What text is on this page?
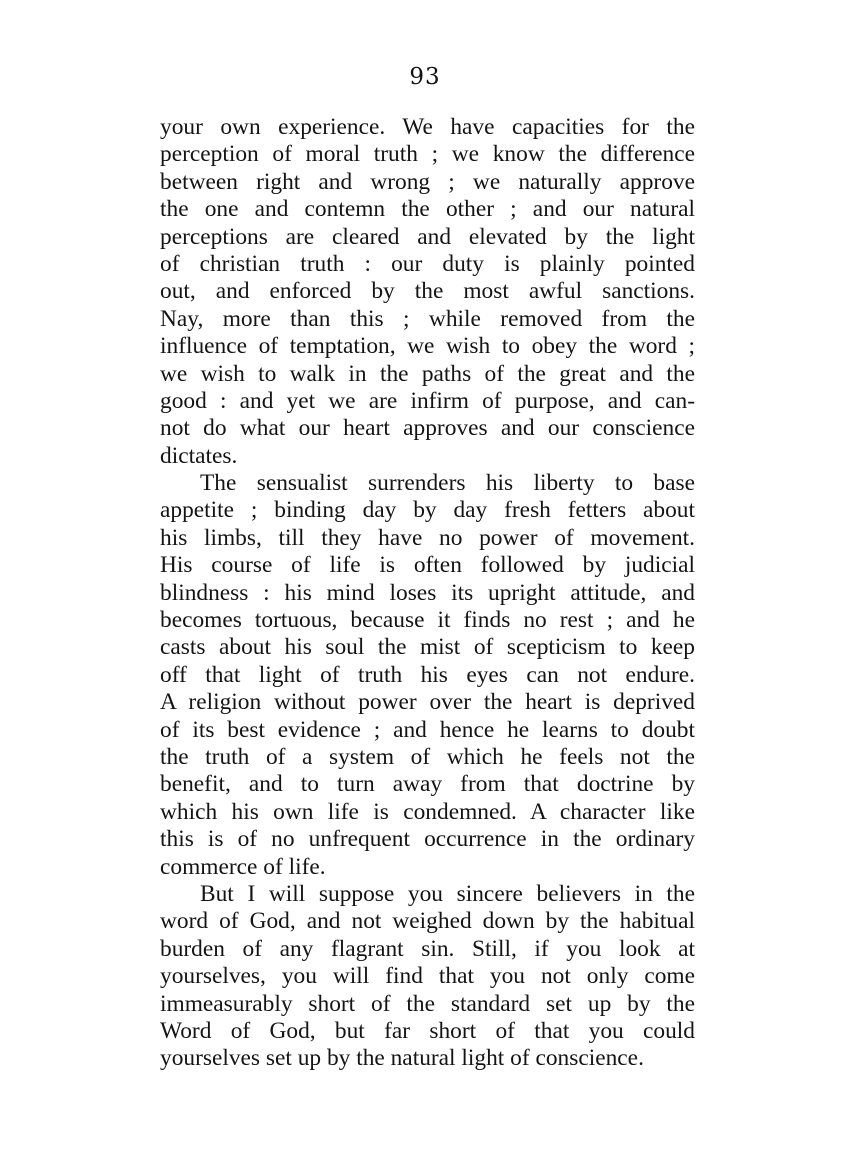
93
your own experience. We have capacities for the
perception of moral truth ; we know the difference
between right and wrong ; we naturally approve
the one and contemn the other ; and our natural
perceptions are cleared and elevated by the light
of christian truth : our duty is plainly pointed
out, and enforced by the most awful sanctions.
Nay, more than this ; while removed from the
influence of temptation, we wish to obey the word ;
we wish to walk in the paths of the great and the
good : and yet we are infirm of purpose, and can-
not do what our heart approves and our conscience
dictates.
The sensualist surrenders his liberty to base
appetite ; binding day by day fresh fetters about
his limbs, till they have no power of movement.
His course of life is often followed by judicial
blindness : his mind loses its upright attitude, and
becomes tortuous, because it finds no rest ; and he
casts about his soul the mist of scepticism to keep
off that light of truth his eyes can not endure.
A religion without power over the heart is deprived
of its best evidence ; and hence he learns to doubt
the truth of a system of which he feels not the
benefit, and to turn away from that doctrine by
which his own life is condemned. A character like
this is of no unfrequent occurrence in the ordinary
commerce of life.
But I will suppose you sincere believers in the
word of God, and not weighed down by the habitual
burden of any flagrant sin. Still, if you look at
yourselves, you will find that you not only come
immeasurably short of the standard set up by the
Word of God, but far short of that you could
yourselves set up by the natural light of conscience.
